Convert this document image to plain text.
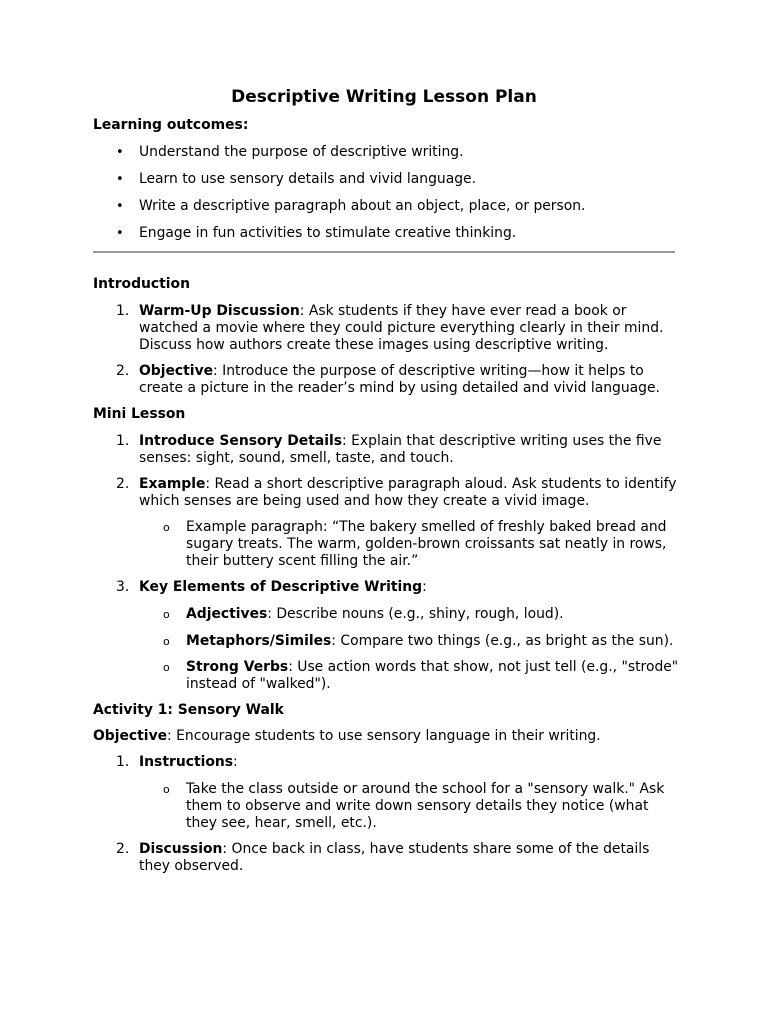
Descriptive Writing Lesson Plan

Learning outcomes:

• Understand the purpose of descriptive writing.
• Learn to use sensory details and vivid language.
• Write a descriptive paragraph about an object, place, or person.
• Engage in fun activities to stimulate creative thinking.

Introduction

1. Warm-Up Discussion: Ask students if they have ever read a book or watched a movie where they could picture everything clearly in their mind. Discuss how authors create these images using descriptive writing.
2. Objective: Introduce the purpose of descriptive writing—how it helps to create a picture in the reader’s mind by using detailed and vivid language.

Mini Lesson

1. Introduce Sensory Details: Explain that descriptive writing uses the five senses: sight, sound, smell, taste, and touch.
2. Example: Read a short descriptive paragraph aloud. Ask students to identify which senses are being used and how they create a vivid image.
o Example paragraph: “The bakery smelled of freshly baked bread and sugary treats. The warm, golden-brown croissants sat neatly in rows, their buttery scent filling the air.”
3. Key Elements of Descriptive Writing:
o Adjectives: Describe nouns (e.g., shiny, rough, loud).
o Metaphors/Similes: Compare two things (e.g., as bright as the sun).
o Strong Verbs: Use action words that show, not just tell (e.g., "strode" instead of "walked").

Activity 1: Sensory Walk

Objective: Encourage students to use sensory language in their writing.

1. Instructions:
o Take the class outside or around the school for a "sensory walk." Ask them to observe and write down sensory details they notice (what they see, hear, smell, etc.).
2. Discussion: Once back in class, have students share some of the details they observed.
